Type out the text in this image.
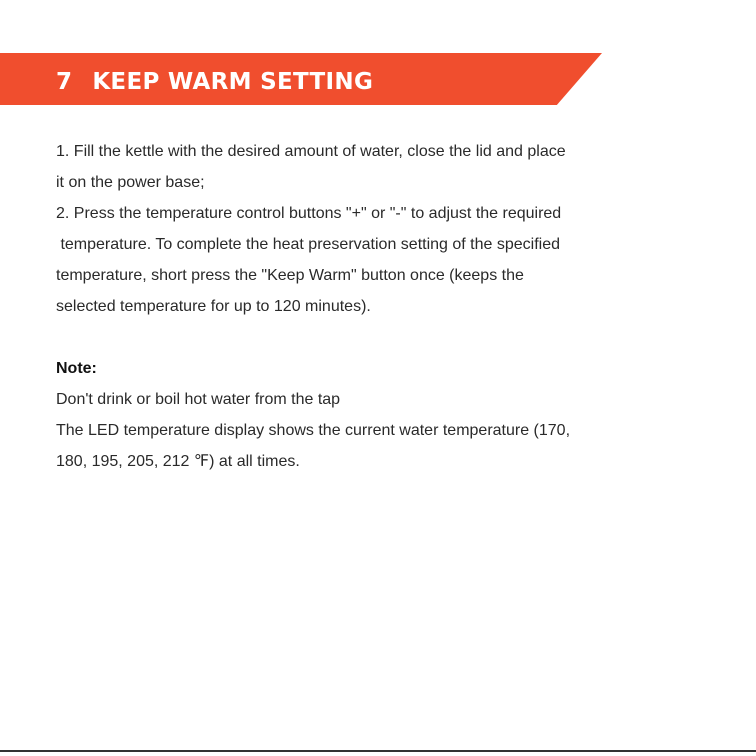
7 KEEP WARM SETTING

1. Fill the kettle with the desired amount of water, close the lid and place

it on the power base;

2. Press the temperature control buttons "+" or "-" to adjust the required

temperature. To complete the heat preservation setting of the specified

temperature, short press the "Keep Warm" button once (keeps the

selected temperature for up to 120 minutes).

Note:

Don't drink or boil hot water from the tap

The LED temperature display shows the current water temperature (170,

180, 195, 205, 212 ℉) at all times.
